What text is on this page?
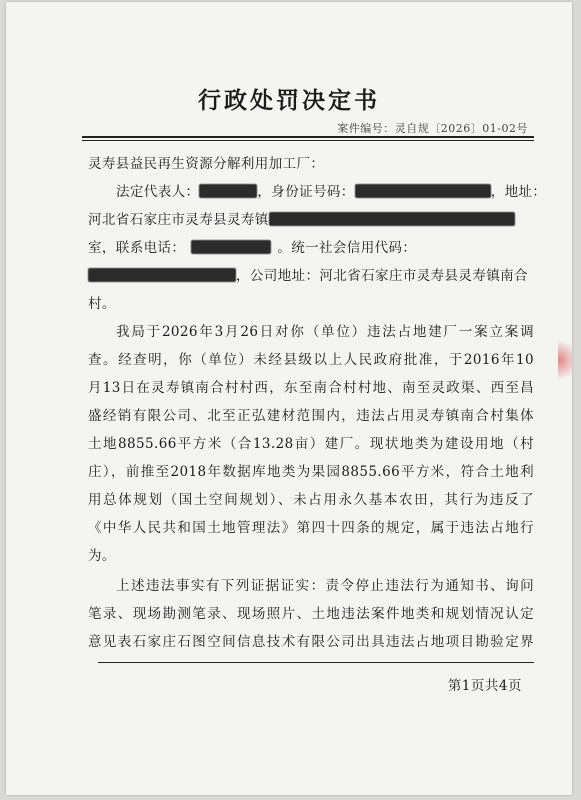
行政处罚决定书
案件编号：灵自规〔2026〕01-02号
灵寿县益民再生资源分解利用加工厂：
法定代表人：	，身份证号码：	，地址：
河北省石家庄市灵寿县灵寿镇
室，联系电话：	。统一社会信用代码：
，公司地址：河北省石家庄市灵寿县灵寿镇南合
村。
我局于2026年3月26日对你（单位）违法占地建厂一案立案调
查。经查明，你（单位）未经县级以上人民政府批准，于2016年10
月13日在灵寿镇南合村村西，东至南合村村地、南至灵政渠、西至昌
盛经销有限公司、北至正弘建材范围内，违法占用灵寿镇南合村集体
土地8855.66平方米（合13.28亩）建厂。现状地类为建设用地（村
庄），前推至2018年数据库地类为果园8855.66平方米，符合土地利
用总体规划（国土空间规划）、未占用永久基本农田，其行为违反了
《中华人民共和国土地管理法》第四十四条的规定，属于违法占地行
为。
上述违法事实有下列证据证实：责令停止违法行为通知书、询问
笔录、现场勘测笔录、现场照片、土地违法案件地类和规划情况认定
意见表石家庄石图空间信息技术有限公司出具违法占地项目勘验定界
第1页共4页
